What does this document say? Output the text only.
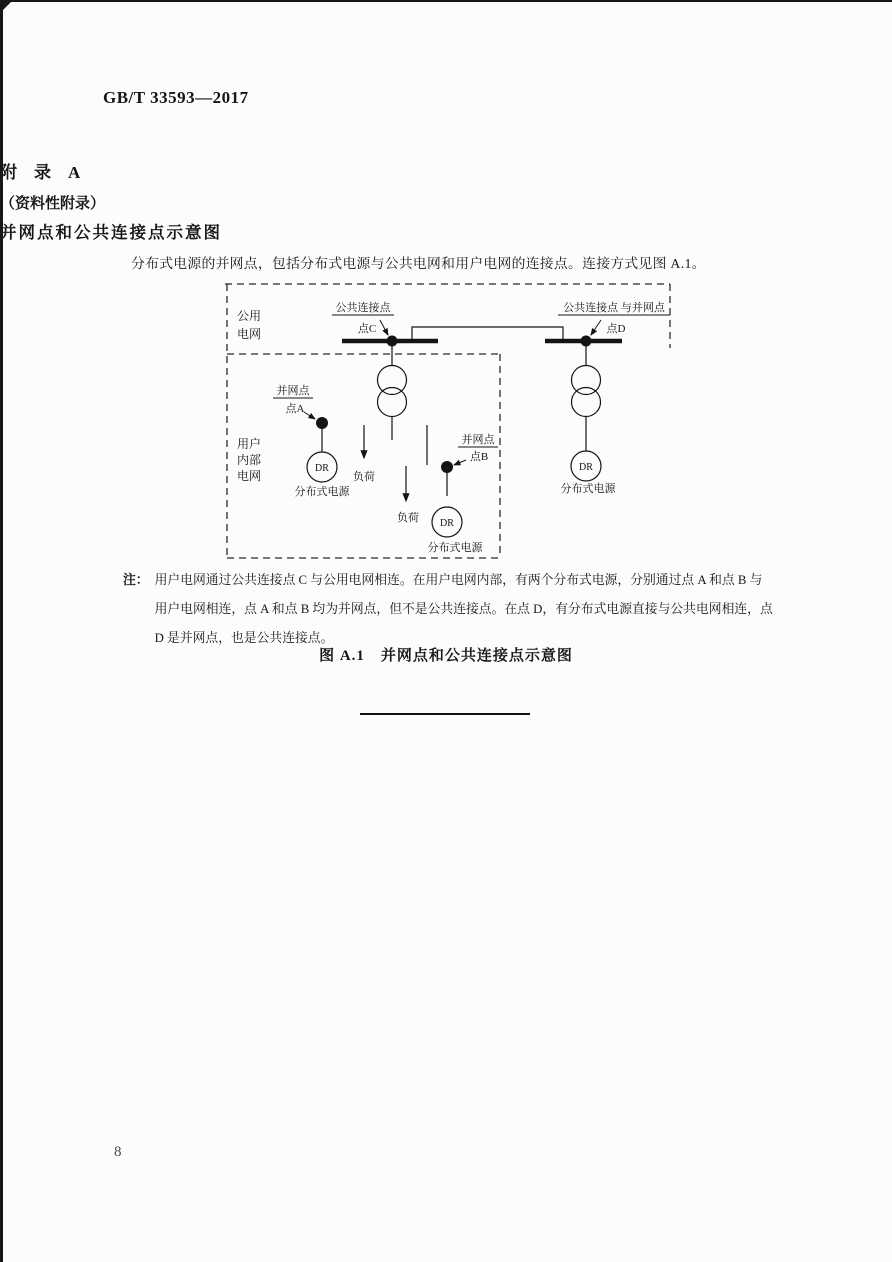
GB/T 33593—2017
附　录　A
（资料性附录）
并网点和公共连接点示意图
分布式电源的并网点，包括分布式电源与公共电网和用户电网的连接点。连接方式见图 A.1。
DR
分布式电源
DR
分布式电源
DR
分布式电源
负荷
负荷
公用
电网
用户
内部
电网
公共连接点
点C
公共连接点 与并网点
点D
并网点
点A
并网点
点B
注： 用户电网通过公共连接点 C 与公用电网相连。在用户电网内部，有两个分布式电源，分别通过点 A 和点 B 与
用户电网相连，点 A 和点 B 均为并网点，但不是公共连接点。在点 D，有分布式电源直接与公共电网相连，点
D 是并网点，也是公共连接点。
图 A.1　并网点和公共连接点示意图
8
